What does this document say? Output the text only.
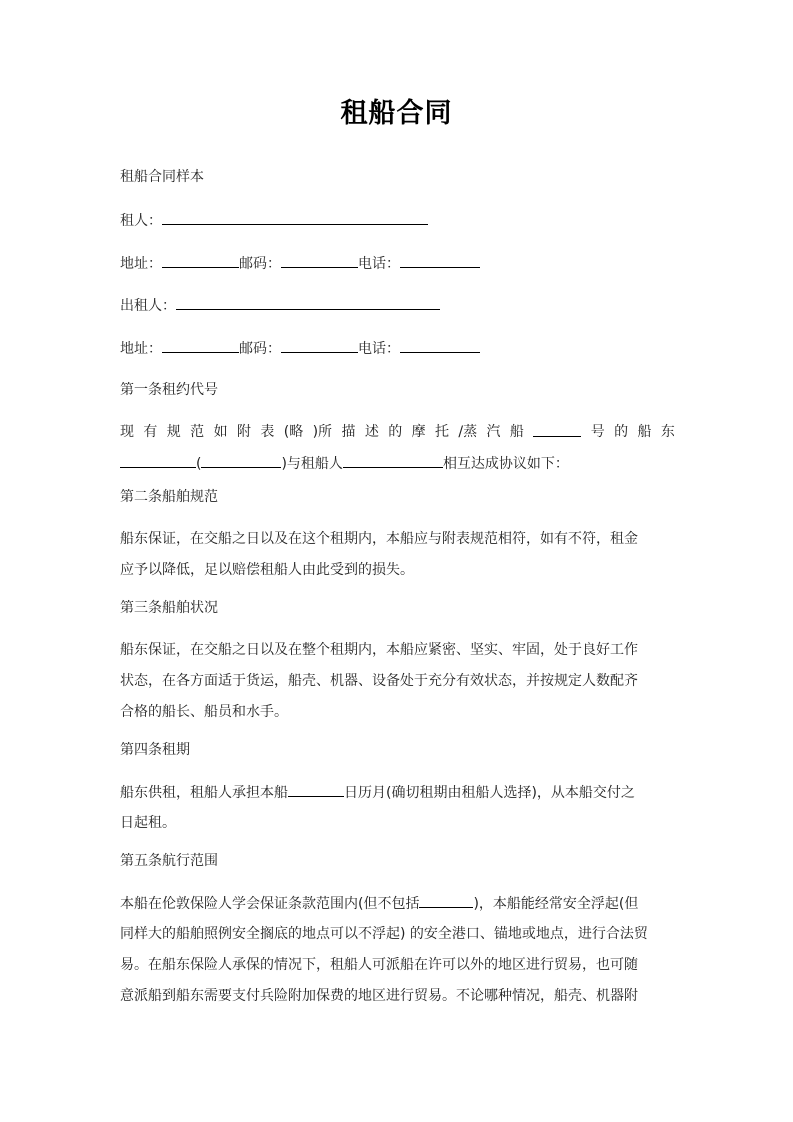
租船合同
租船合同样本
租人：
地址：	邮码：	电话：
出租人：
地址：	邮码：	电话：
第一条租约代号
现 有 规 范 如 附 表 (略 )所 描 述 的 摩 托 /蒸 汽 船	号 的 船 东
(	)与租船人	相互达成协议如下：
第二条船舶规范
船东保证，在交船之日以及在这个租期内，本船应与附表规范相符，如有不符，租金
应予以降低，足以赔偿租船人由此受到的损失。
第三条船舶状况
船东保证，在交船之日以及在整个租期内，本船应紧密、坚实、牢固，处于良好工作
状态，在各方面适于货运，船壳、机器、设备处于充分有效状态，并按规定人数配齐
合格的船长、船员和水手。
第四条租期
船东供租，租船人承担本船	日历月(确切租期由租船人选择)，从本船交付之
日起租。
第五条航行范围
本船在伦敦保险人学会保证条款范围内(但不包括	)，本船能经常安全浮起(但
同样大的船舶照例安全搁底的地点可以不浮起) 的安全港口、锚地或地点，进行合法贸
易。在船东保险人承保的情况下，租船人可派船在许可以外的地区进行贸易，也可随
意派船到船东需要支付兵险附加保费的地区进行贸易。不论哪种情况，船壳、机器附
